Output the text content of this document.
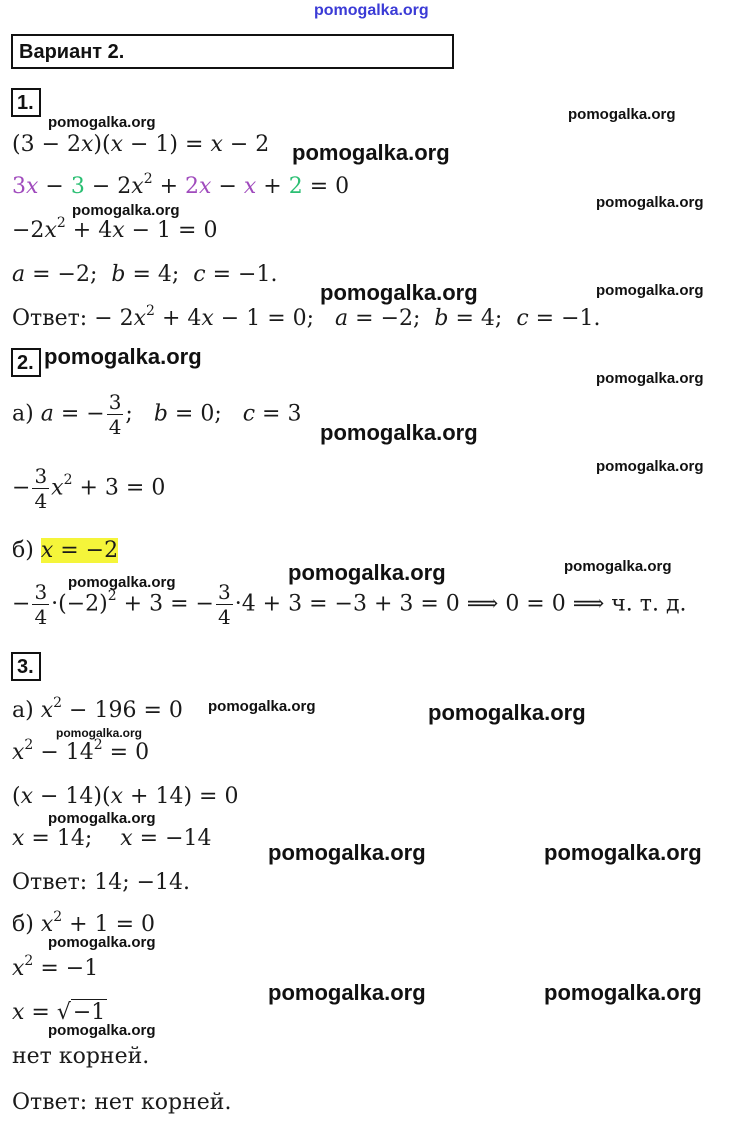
pomogalka.org
pomogalka.org	pomogalka.org
pomogalka.org
pomogalka.org	pomogalka.org
pomogalka.org	pomogalka.org
pomogalka.org
pomogalka.org
pomogalka.org
pomogalka.org
pomogalka.org	pomogalka.org
pomogalka.org
pomogalka.org	pomogalka.org
pomogalka.org
pomogalka.org
pomogalka.org	pomogalka.org
pomogalka.org
pomogalka.org	pomogalka.org
pomogalka.org
Вариант 2.
1.
(3 − 2x)(x − 1) = x − 2
$3x - 3 - 2x^2 + 2x - x + 2 = 0$
$-2x^2 + 4x - 1 = 0$
a = −2;  b = 4;  c = −1.
Ответ: − $2x^2 + 4x - 1 = 0$;   a = −2;  b = 4;  c = −1.
2.
а) a = − $\frac{3}{4}$ ;   b = 0;   c = 3
− $\frac{3}{4} x^2 + 3 = 0$
б) x = −2
− $\frac{3}{4} \cdot(-2)^2 + 3$ = − $\frac{3}{4} \cdot 4 + 3 = -3 + 3 = 0$ ⟹ 0 = 0 ⟹ ч. т. д.
3.
а) $x^2 - 196 = 0$
$x^2 - 14^2 = 0$
(x − 14)(x + 14) = 0
x = 14;    x = −14
Ответ: 14; −14.
б) $x^2 + 1 = 0$
$x^2 = -1$
x = √−1
нет корней.
Ответ: нет корней.
